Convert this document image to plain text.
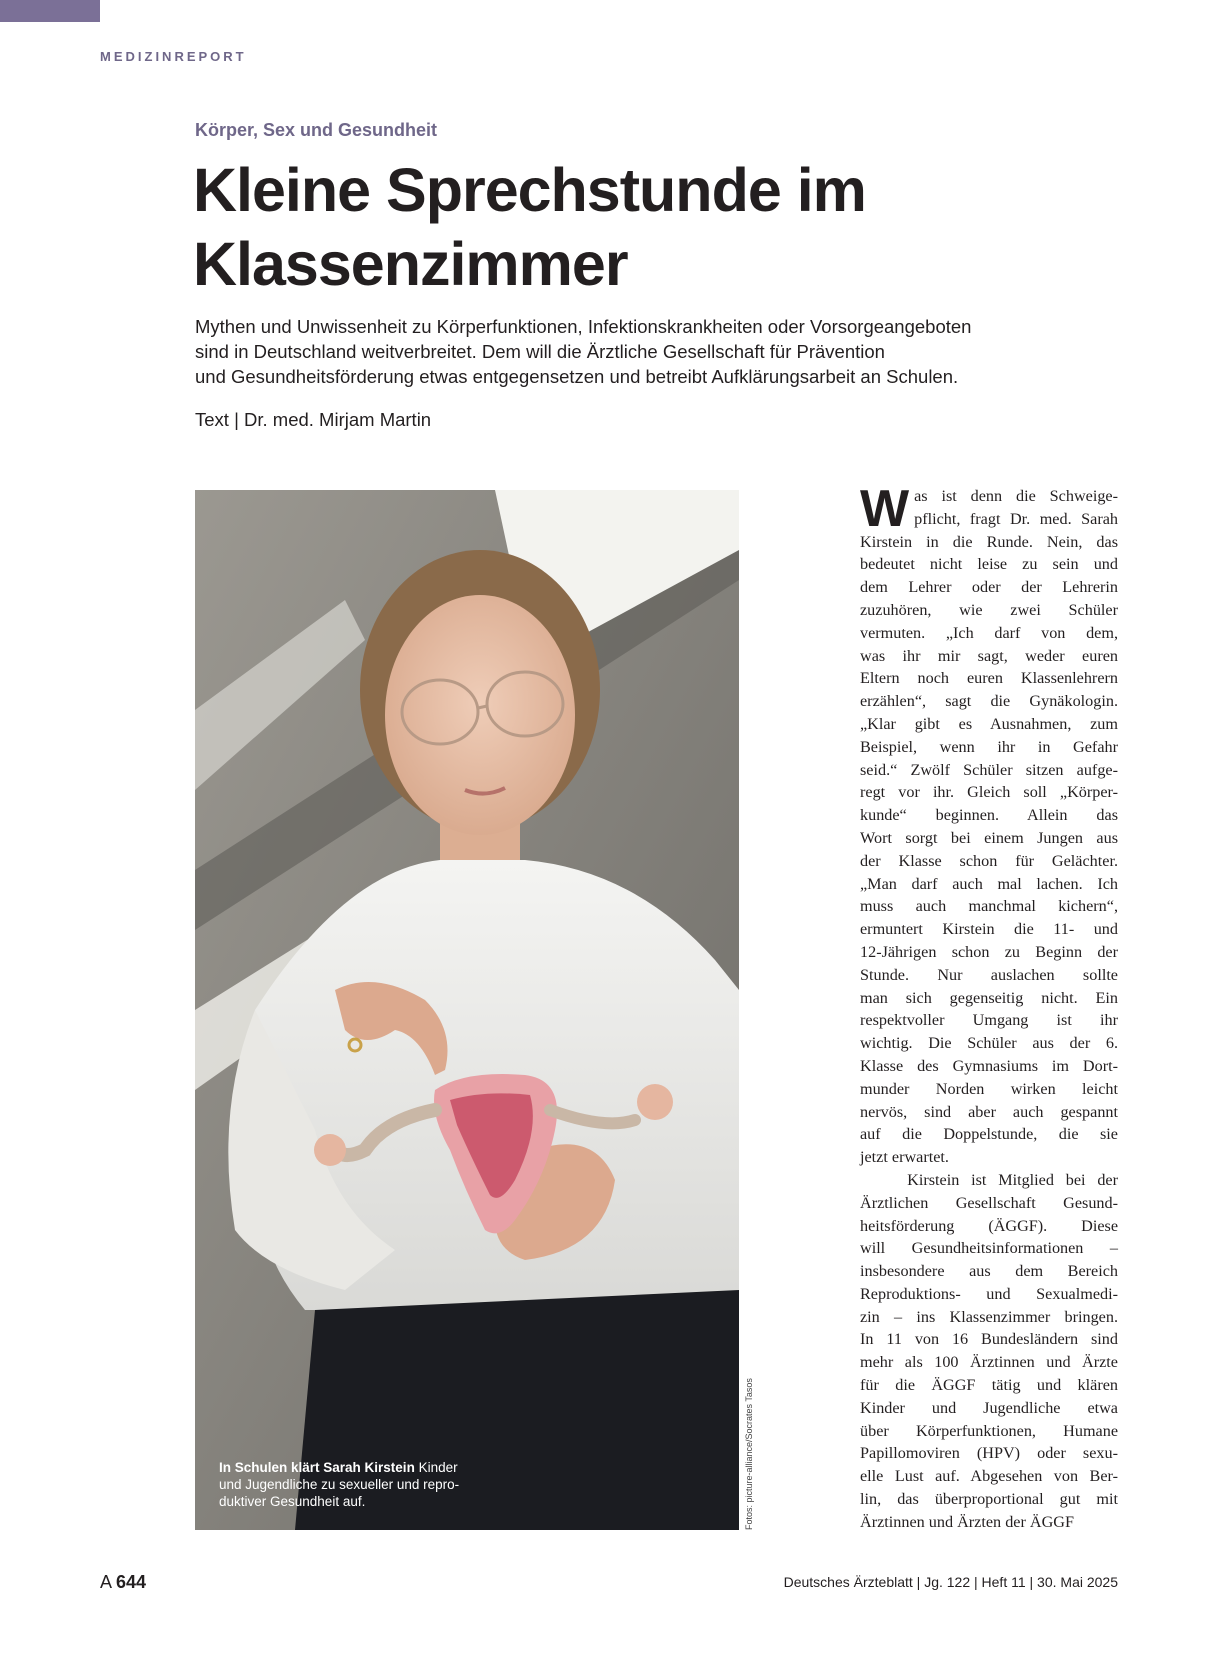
MEDIZINREPORT
Körper, Sex und Gesundheit
Kleine Sprechstunde im Klassenzimmer

Mythen und Unwissenheit zu Körperfunktionen, Infektionskrankheiten oder Vorsorgeangeboten
sind in Deutschland weitverbreitet. Dem will die Ärztliche Gesellschaft für Prävention
und Gesundheitsförderung etwas entgegensetzen und betreibt Aufklärungsarbeit an Schulen.

Text | Dr. med. Mirjam Martin
In Schulen klärt Sarah Kirstein Kinder und Jugendliche zu sexueller und reproduktiver Gesundheit auf.	Fotos: picture-alliance/Socrates Tasos
W as ist denn die Schweige-
pflicht, fragt Dr. med. Sarah
Kirstein in die Runde. Nein, das
bedeutet nicht leise zu sein und
dem Lehrer oder der Lehrerin
zuzuhören, wie zwei Schüler
vermuten. „Ich darf von dem,
was ihr mir sagt, weder euren
Eltern noch euren Klassenlehrern
erzählen“, sagt die Gynäkologin.
„Klar gibt es Ausnahmen, zum
Beispiel, wenn ihr in Gefahr
seid.“ Zwölf Schüler sitzen aufge-
regt vor ihr. Gleich soll „Körper-
kunde“ beginnen. Allein das
Wort sorgt bei einem Jungen aus
der Klasse schon für Gelächter.
„Man darf auch mal lachen. Ich
muss auch manchmal kichern“,
ermuntert Kirstein die 11- und
12-Jährigen schon zu Beginn der
Stunde. Nur auslachen sollte
man sich gegenseitig nicht. Ein
respektvoller Umgang ist ihr
wichtig. Die Schüler aus der 6.
Klasse des Gymnasiums im Dort-
munder Norden wirken leicht
nervös, sind aber auch gespannt
auf die Doppelstunde, die sie
jetzt erwartet.
Kirstein ist Mitglied bei der
Ärztlichen Gesellschaft Gesund-
heitsförderung (ÄGGF). Diese
will Gesundheitsinformationen –
insbesondere aus dem Bereich
Reproduktions- und Sexualmedi-
zin – ins Klassenzimmer bringen.
In 11 von 16 Bundesländern sind
mehr als 100 Ärztinnen und Ärzte
für die ÄGGF tätig und klären
Kinder und Jugendliche etwa
über Körperfunktionen, Humane
Papillomoviren (HPV) oder sexu-
elle Lust auf. Abgesehen von Ber-
lin, das überproportional gut mit
Ärztinnen und Ärzten der ÄGGF
A 644	Deutsches Ärzteblatt | Jg. 122 | Heft 11 | 30. Mai 2025
